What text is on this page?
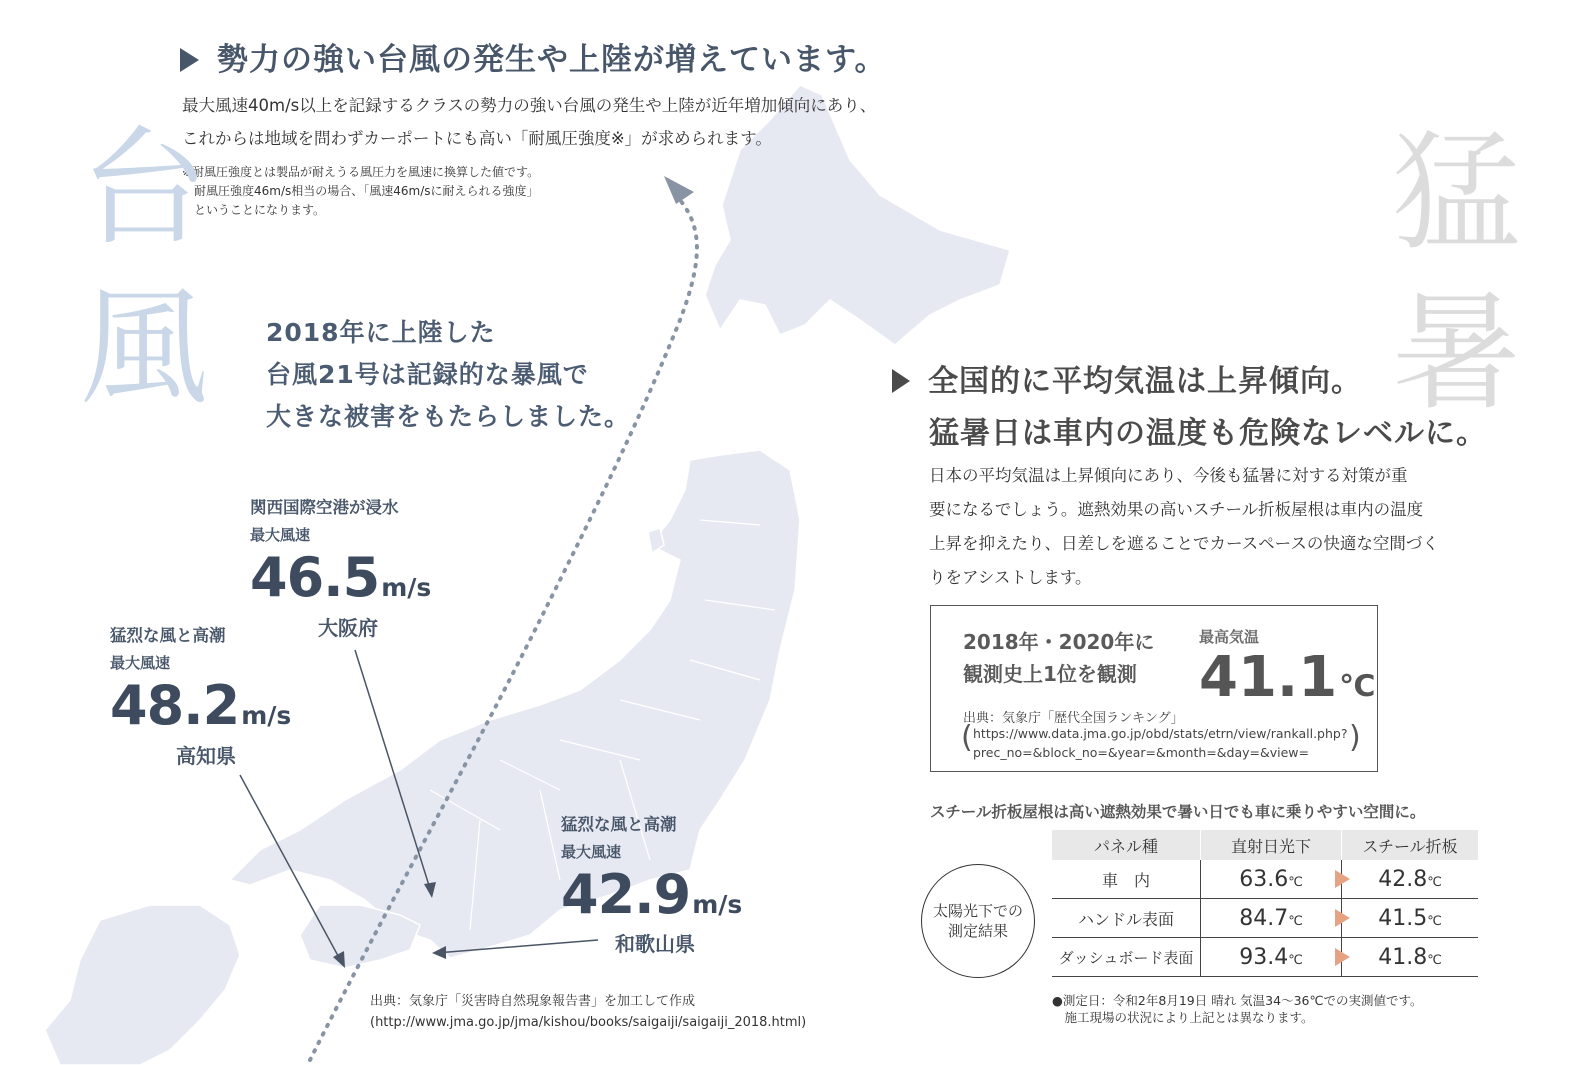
勢力の強い台風の発生や上陸が増えています。
最大風速40m/s以上を記録するクラスの勢力の強い台風の発生や上陸が近年増加傾向にあり、
これからは地域を問わずカーポートにも高い「耐風圧強度※」が求められます。
※耐風圧強度とは製品が耐えうる風圧力を風速に換算した値です。
　耐風圧強度46m/s相当の場合、「風速46m/sに耐えられる強度」
　ということになります。
台
風 2018年に上陸した
台風21号は記録的な暴風で
大きな被害をもたらしました。
関西国際空港が浸水
最大風速
46.5m/s
大阪府
猛烈な風と高潮
最大風速
48.2m/s
高知県
猛烈な風と高潮
最大風速
42.9m/s
和歌山県
出典：気象庁「災害時自然現象報告書」を加工して作成
(http://www.jma.go.jp/jma/kishou/books/saigaiji/saigaiji_2018.html)
猛
暑
全国的に平均気温は上昇傾向。
猛暑日は車内の温度も危険なレベルに。
日本の平均気温は上昇傾向にあり、今後も猛暑に対する対策が重
要になるでしょう。遮熱効果の高いスチール折板屋根は車内の温度
上昇を抑えたり、日差しを遮ることでカースペースの快適な空間づく
りをアシストします。
2018年・2020年に
観測史上1位を観測
最高気温
41.1℃
出典：気象庁「歴代全国ランキング」
( https://www.data.jma.go.jp/obd/stats/etrn/view/rankall.php?
prec_no=&block_no=&year=&month=&day=&view=	)
スチール折板屋根は高い遮熱効果で暑い日でも車に乗りやすい空間に。
太陽光下での
測定結果
パネル種	直射日光下	スチール折板
車　内	63.6℃	42.8℃
ハンドル表面	84.7℃	41.5℃
ダッシュボード表面	93.4℃	41.8℃
●測定日：令和2年8月19日 晴れ 気温34〜36℃での実測値です。
　施工現場の状況により上記とは異なります。
